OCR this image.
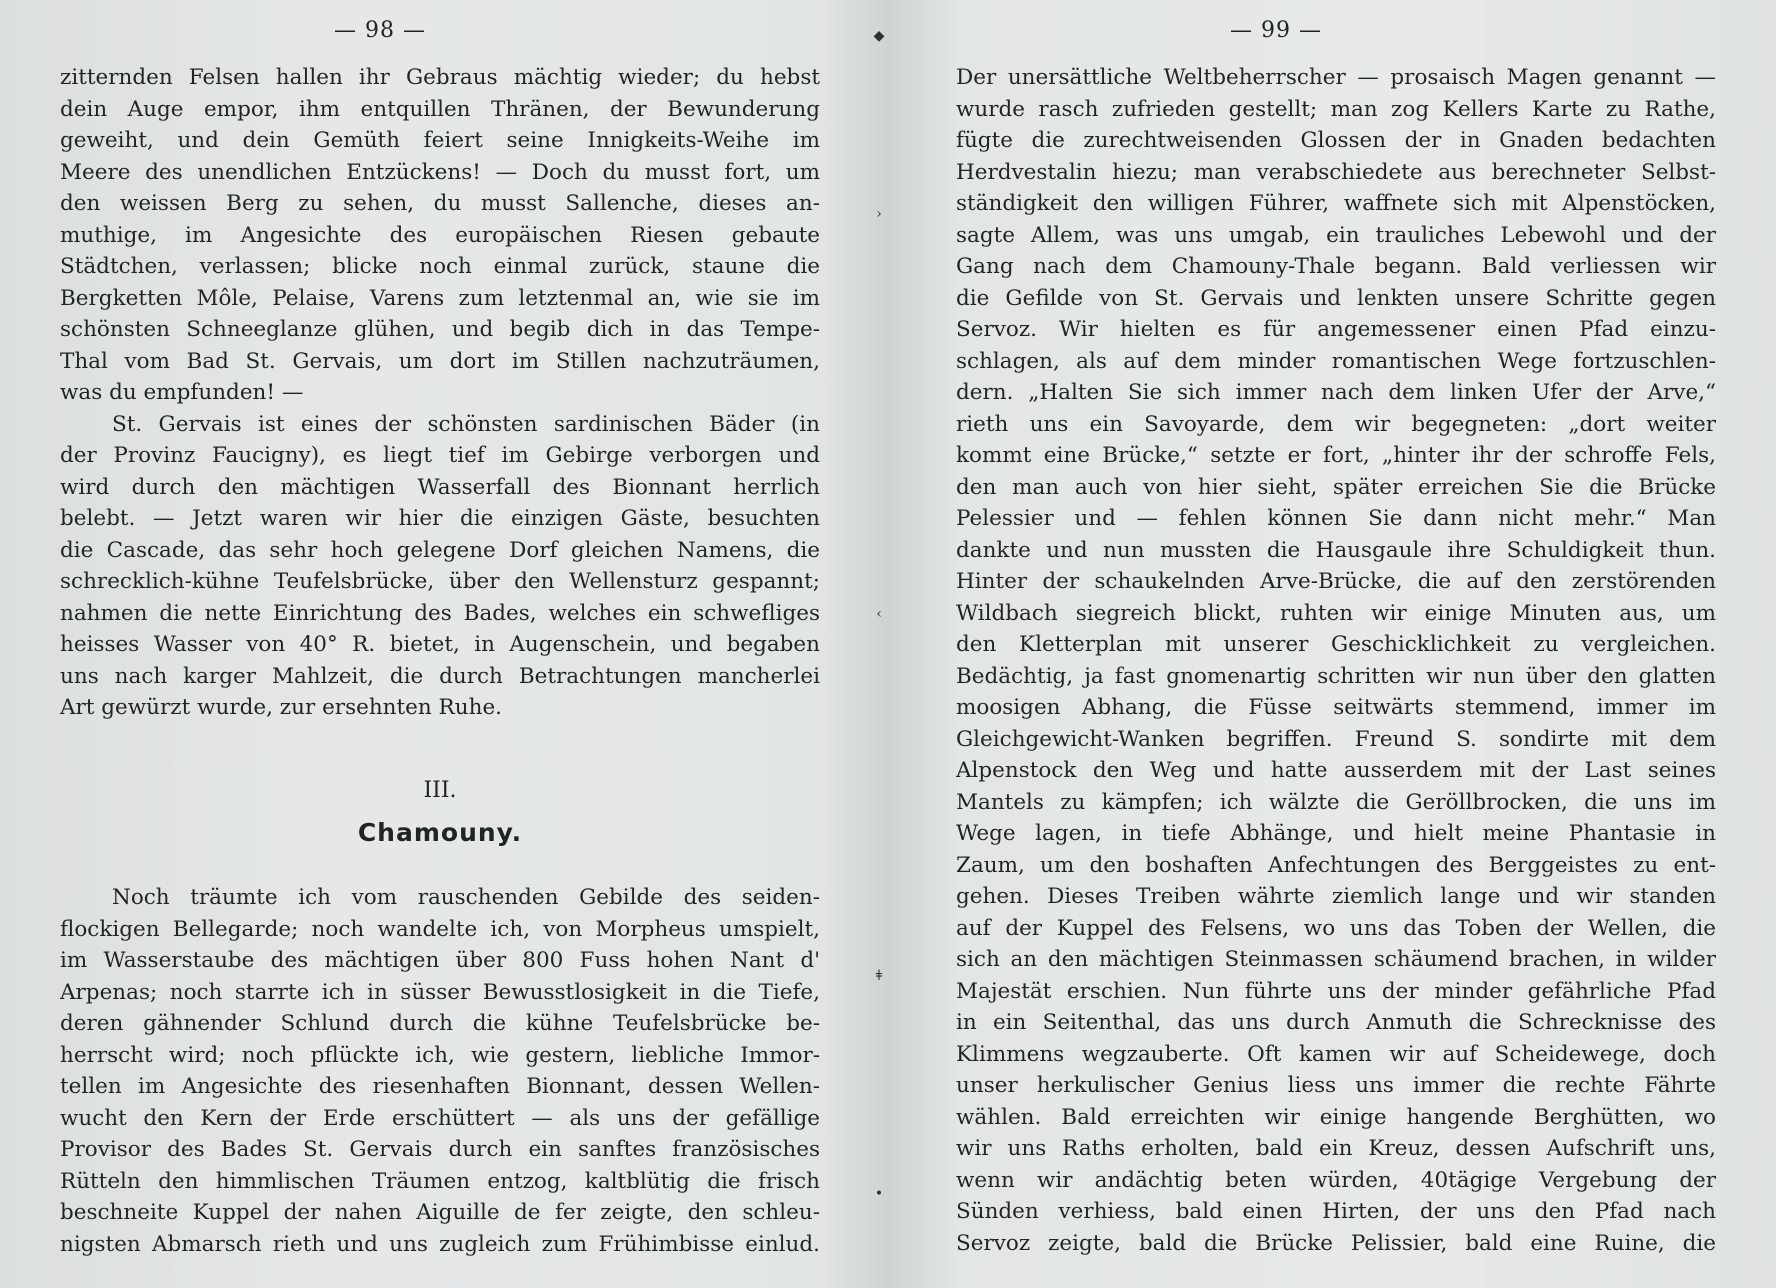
◆
›
‹
ǂ
•
— 98 —
zitternden Felsen hallen ihr Gebraus mächtig wieder; du hebst
dein Auge empor, ihm entquillen Thränen, der Bewunderung
geweiht, und dein Gemüth feiert seine Innigkeits-Weihe im
Meere des unendlichen Entzückens! — Doch du musst fort, um
den weissen Berg zu sehen, du musst Sallenche, dieses an-
muthige, im Angesichte des europäischen Riesen gebaute
Städtchen, verlassen; blicke noch einmal zurück, staune die
Bergketten Môle, Pelaise, Varens zum letztenmal an, wie sie im
schönsten Schneeglanze glühen, und begib dich in das Tempe-
Thal vom Bad St. Gervais, um dort im Stillen nachzuträumen,
was du empfunden! —
St. Gervais ist eines der schönsten sardinischen Bäder (in
der Provinz Faucigny), es liegt tief im Gebirge verborgen und
wird durch den mächtigen Wasserfall des Bionnant herrlich
belebt. — Jetzt waren wir hier die einzigen Gäste, besuchten
die Cascade, das sehr hoch gelegene Dorf gleichen Namens, die
schrecklich-kühne Teufelsbrücke, über den Wellensturz gespannt;
nahmen die nette Einrichtung des Bades, welches ein schwefliges
heisses Wasser von 40° R. bietet, in Augenschein, und begaben
uns nach karger Mahlzeit, die durch Betrachtungen mancherlei
Art gewürzt wurde, zur ersehnten Ruhe.
III.
Chamouny.
Noch träumte ich vom rauschenden Gebilde des seiden-
flockigen Bellegarde; noch wandelte ich, von Morpheus umspielt,
im Wasserstaube des mächtigen über 800 Fuss hohen Nant d'
Arpenas; noch starrte ich in süsser Bewusstlosigkeit in die Tiefe,
deren gähnender Schlund durch die kühne Teufelsbrücke be-
herrscht wird; noch pflückte ich, wie gestern, liebliche Immor-
tellen im Angesichte des riesenhaften Bionnant, dessen Wellen-
wucht den Kern der Erde erschüttert — als uns der gefällige
Provisor des Bades St. Gervais durch ein sanftes französisches
Rütteln den himmlischen Träumen entzog, kaltblütig die frisch
beschneite Kuppel der nahen Aiguille de fer zeigte, den schleu-
nigsten Abmarsch rieth und uns zugleich zum Frühimbisse einlud.
— 99 —
Der unersättliche Weltbeherrscher — prosaisch Magen genannt —
wurde rasch zufrieden gestellt; man zog Kellers Karte zu Rathe,
fügte die zurechtweisenden Glossen der in Gnaden bedachten
Herdvestalin hiezu; man verabschiedete aus berechneter Selbst-
ständigkeit den willigen Führer, waffnete sich mit Alpenstöcken,
sagte Allem, was uns umgab, ein trauliches Lebewohl und der
Gang nach dem Chamouny-Thale begann. Bald verliessen wir
die Gefilde von St. Gervais und lenkten unsere Schritte gegen
Servoz. Wir hielten es für angemessener einen Pfad einzu-
schlagen, als auf dem minder romantischen Wege fortzuschlen-
dern. „Halten Sie sich immer nach dem linken Ufer der Arve,“
rieth uns ein Savoyarde, dem wir begegneten: „dort weiter
kommt eine Brücke,“ setzte er fort, „hinter ihr der schroffe Fels,
den man auch von hier sieht, später erreichen Sie die Brücke
Pelessier und — fehlen können Sie dann nicht mehr.“ Man
dankte und nun mussten die Hausgaule ihre Schuldigkeit thun.
Hinter der schaukelnden Arve-Brücke, die auf den zerstörenden
Wildbach siegreich blickt, ruhten wir einige Minuten aus, um
den Kletterplan mit unserer Geschicklichkeit zu vergleichen.
Bedächtig, ja fast gnomenartig schritten wir nun über den glatten
moosigen Abhang, die Füsse seitwärts stemmend, immer im
Gleichgewicht-Wanken begriffen. Freund S. sondirte mit dem
Alpenstock den Weg und hatte ausserdem mit der Last seines
Mantels zu kämpfen; ich wälzte die Geröllbrocken, die uns im
Wege lagen, in tiefe Abhänge, und hielt meine Phantasie in
Zaum, um den boshaften Anfechtungen des Berggeistes zu ent-
gehen. Dieses Treiben währte ziemlich lange und wir standen
auf der Kuppel des Felsens, wo uns das Toben der Wellen, die
sich an den mächtigen Steinmassen schäumend brachen, in wilder
Majestät erschien. Nun führte uns der minder gefährliche Pfad
in ein Seitenthal, das uns durch Anmuth die Schrecknisse des
Klimmens wegzauberte. Oft kamen wir auf Scheidewege, doch
unser herkulischer Genius liess uns immer die rechte Fährte
wählen. Bald erreichten wir einige hangende Berghütten, wo
wir uns Raths erholten, bald ein Kreuz, dessen Aufschrift uns,
wenn wir andächtig beten würden, 40tägige Vergebung der
Sünden verhiess, bald einen Hirten, der uns den Pfad nach
Servoz zeigte, bald die Brücke Pelissier, bald eine Ruine, die
